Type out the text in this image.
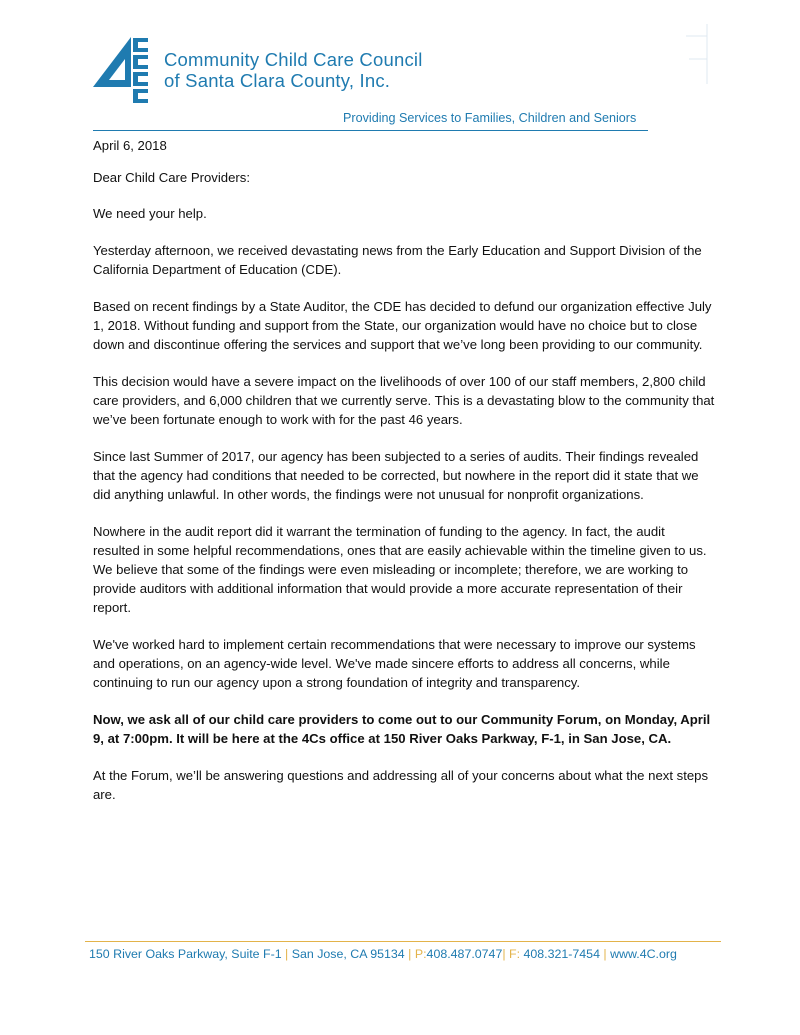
Community Child Care Council
of Santa Clara County, Inc.
Providing Services to Families, Children and Seniors

April 6, 2018

Dear Child Care Providers:

We need your help.

Yesterday afternoon, we received devastating news from the Early Education and Support Division of the California Department of Education (CDE).

Based on recent findings by a State Auditor, the CDE has decided to defund our organization effective July 1, 2018. Without funding and support from the State, our organization would have no choice but to close down and discontinue offering the services and support that we’ve long been providing to our community.

This decision would have a severe impact on the livelihoods of over 100 of our staff members, 2,800 child care providers, and 6,000 children that we currently serve. This is a devastating blow to the community that we’ve been fortunate enough to work with for the past 46 years.

Since last Summer of 2017, our agency has been subjected to a series of audits. Their findings revealed that the agency had conditions that needed to be corrected, but nowhere in the report did it state that we did anything unlawful. In other words, the findings were not unusual for nonprofit organizations.

Nowhere in the audit report did it warrant the termination of funding to the agency. In fact, the audit resulted in some helpful recommendations, ones that are easily achievable within the timeline given to us. We believe that some of the findings were even misleading or incomplete; therefore, we are working to provide auditors with additional information that would provide a more accurate representation of their report.

We've worked hard to implement certain recommendations that were necessary to improve our systems and operations, on an agency-wide level. We've made sincere efforts to address all concerns, while continuing to run our agency upon a strong foundation of integrity and transparency.

Now, we ask all of our child care providers to come out to our Community Forum, on Monday, April 9, at 7:00pm. It will be here at the 4Cs office at 150 River Oaks Parkway, F-1, in San Jose, CA.

At the Forum, we’ll be answering questions and addressing all of your concerns about what the next steps are.

150 River Oaks Parkway, Suite F-1 | San Jose, CA 95134 | P:408.487.0747| F: 408.321-7454 | www.4C.org
